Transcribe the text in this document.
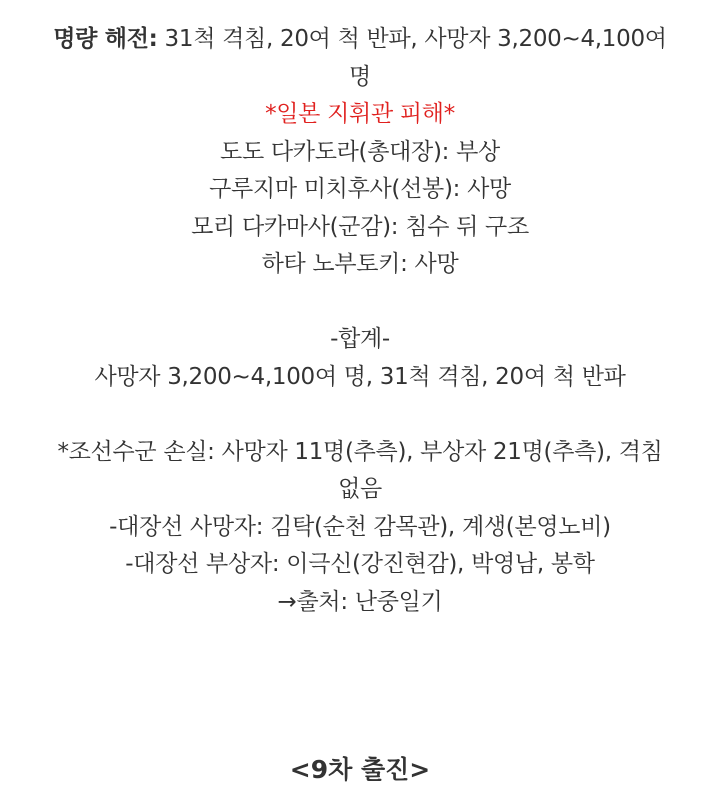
명량 해전: 31척 격침, 20여 척 반파, 사망자 3,200~4,100여
명
*일본 지휘관 피해*
도도 다카도라(총대장): 부상
구루지마 미치후사(선봉): 사망
모리 다카마사(군감): 침수 뒤 구조
하타 노부토키: 사망
-합계-
사망자 3,200~4,100여 명, 31척 격침, 20여 척 반파
*조선수군 손실: 사망자 11명(추측), 부상자 21명(추측), 격침
없음
-대장선 사망자: 김탁(순천 감목관), 계생(본영노비)
-대장선 부상자: 이극신(강진현감), 박영남, 봉학
→출처: 난중일기
<9차 출진>
